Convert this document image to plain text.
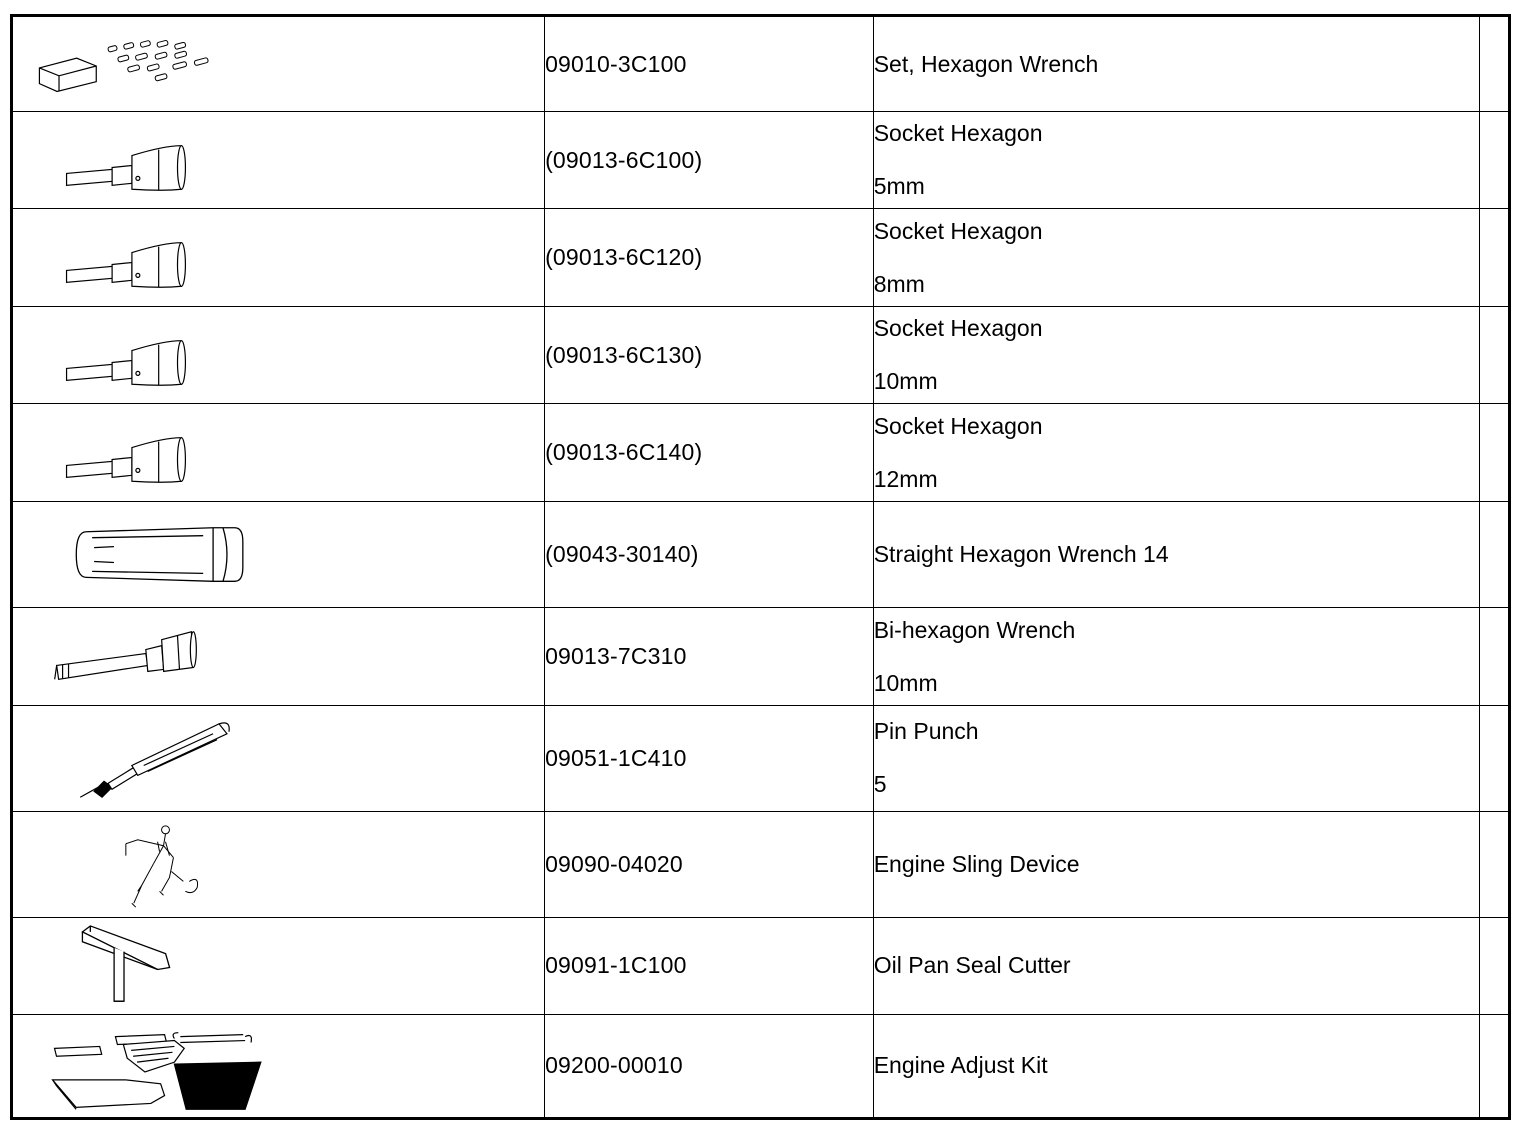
	09010-3C100	Set, Hexagon Wrench	

	(09013-6C100)	Socket Hexagon
5mm	

	(09013-6C120)	Socket Hexagon
8mm	

	(09013-6C130)	Socket Hexagon
10mm	

	(09013-6C140)	Socket Hexagon
12mm	

	(09043-30140)	Straight Hexagon Wrench 14	

	09013-7C310	Bi-hexagon Wrench
10mm	

	09051-1C410	Pin Punch
5	

	09090-04020	Engine Sling Device	

	09091-1C100	Oil Pan Seal Cutter	

	09200-00010	Engine Adjust Kit	
